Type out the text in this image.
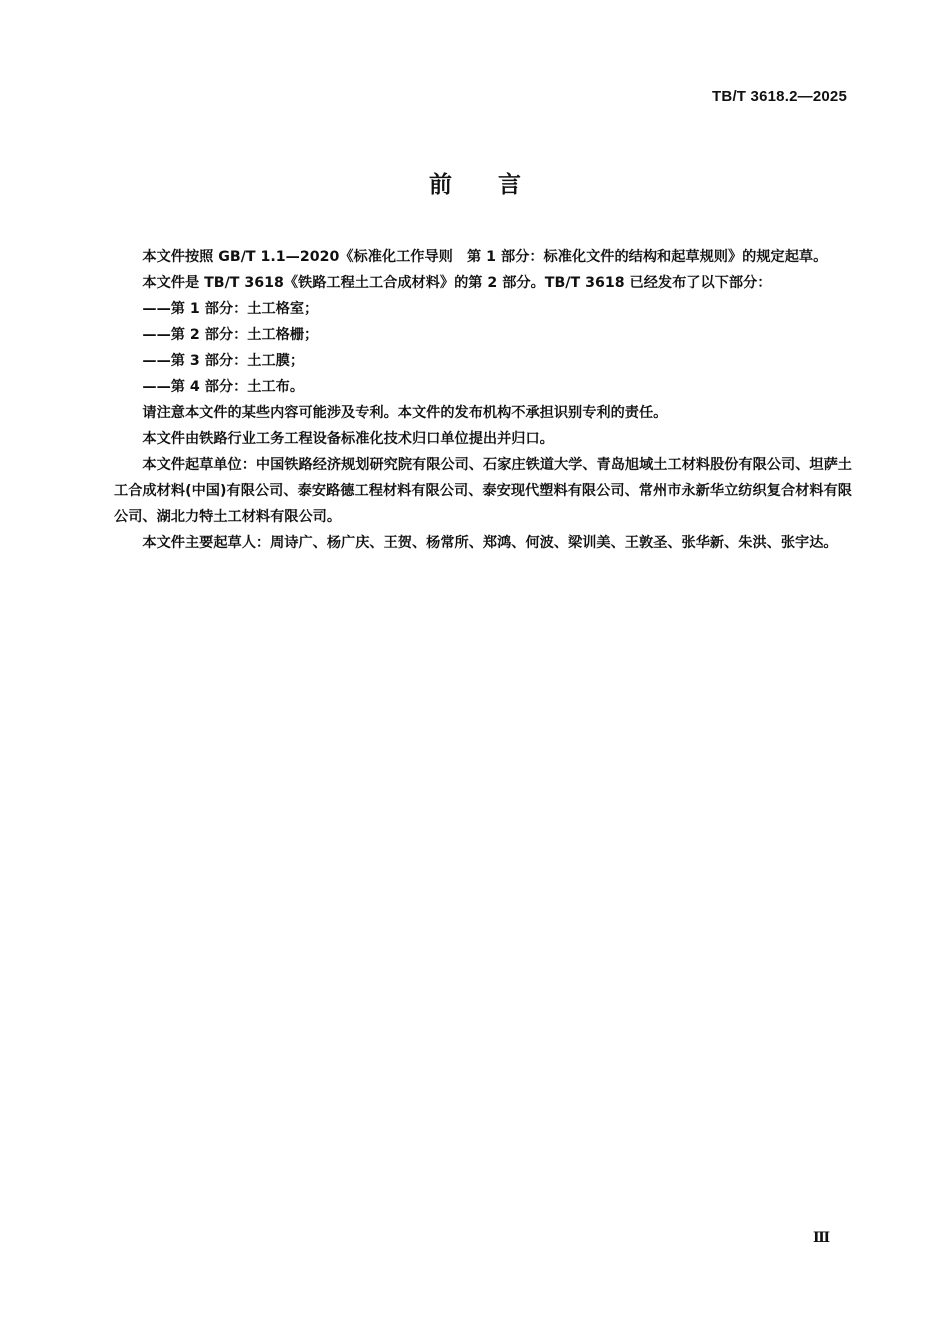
TB/T 3618.2—2025
前言

本文件按照 GB/T 1.1—2020《标准化工作导则　第 1 部分：标准化文件的结构和起草规则》的规定起草。

本文件是 TB/T 3618《铁路工程土工合成材料》的第 2 部分。TB/T 3618 已经发布了以下部分：

——第 1 部分：土工格室；

——第 2 部分：土工格栅；

——第 3 部分：土工膜；

——第 4 部分：土工布。

请注意本文件的某些内容可能涉及专利。本文件的发布机构不承担识别专利的责任。

本文件由铁路行业工务工程设备标准化技术归口单位提出并归口。

本文件起草单位：中国铁路经济规划研究院有限公司、石家庄铁道大学、青岛旭域土工材料股份有限公司、坦萨土工合成材料(中国)有限公司、泰安路德工程材料有限公司、泰安现代塑料有限公司、常州市永新华立纺织复合材料有限公司、湖北力特土工材料有限公司。

本文件主要起草人：周诗广、杨广庆、王贺、杨常所、郑鸿、何波、梁训美、王敦圣、张华新、朱洪、张宇达。

Ⅲ
